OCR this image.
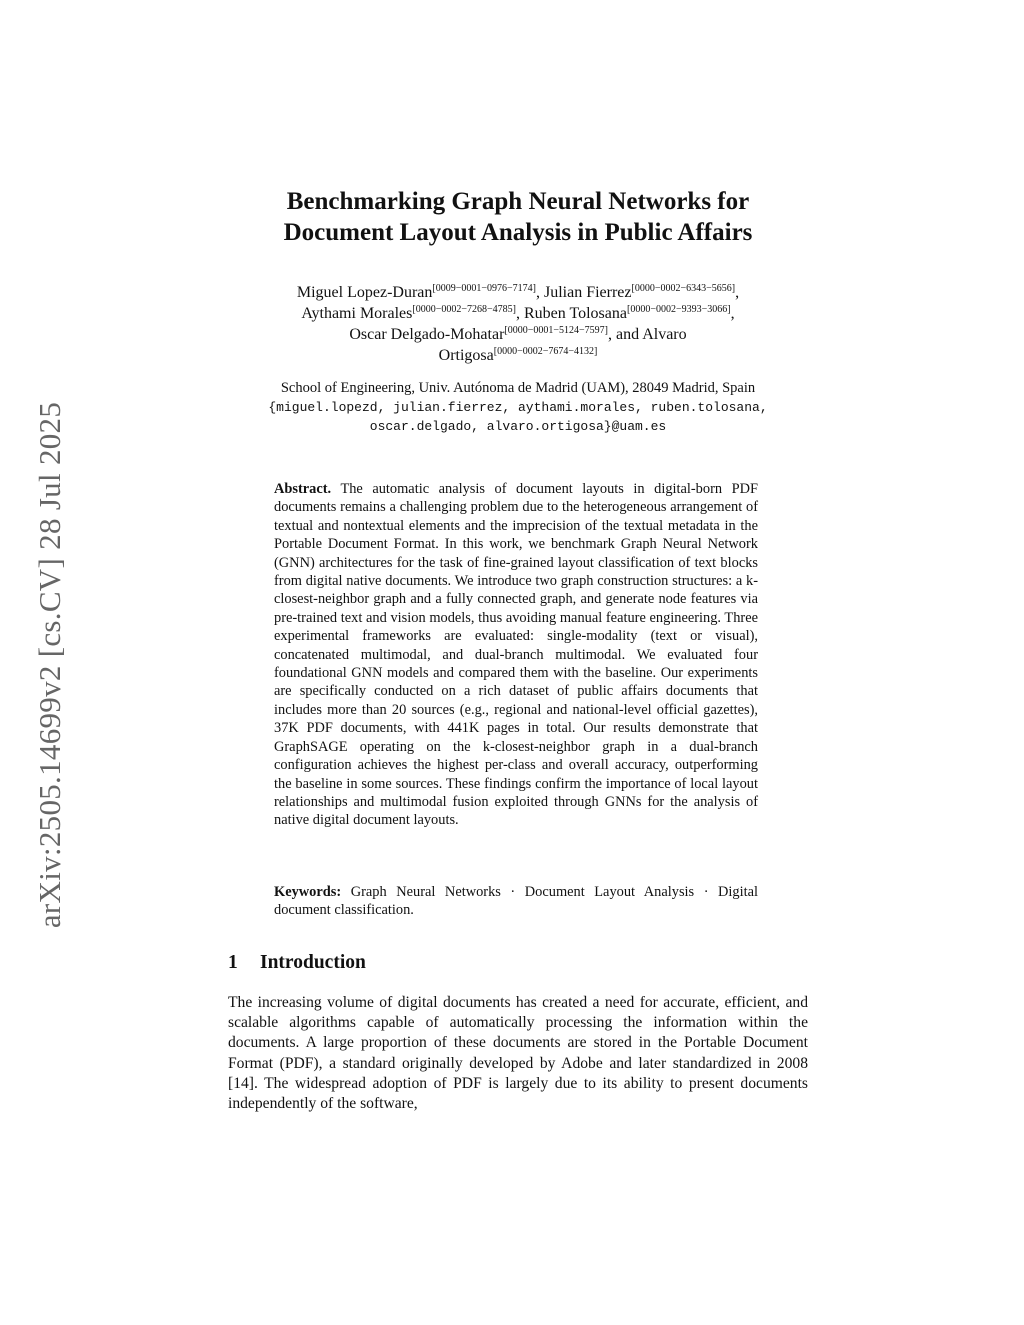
arXiv:2505.14699v2 [cs.CV] 28 Jul 2025
Benchmarking Graph Neural Networks for
Document Layout Analysis in Public Affairs
Miguel Lopez-Duran[0009−0001−0976−7174], Julian Fierrez[0000−0002−6343−5656],
Aythami Morales[0000−0002−7268−4785], Ruben Tolosana[0000−0002−9393−3066],
Oscar Delgado-Mohatar[0000−0001−5124−7597], and Alvaro
Ortigosa[0000−0002−7674−4132]
School of Engineering, Univ. Autónoma de Madrid (UAM), 28049 Madrid, Spain
{miguel.lopezd, julian.fierrez, aythami.morales, ruben.tolosana,
oscar.delgado, alvaro.ortigosa}@uam.es
Abstract. The automatic analysis of document layouts in digital-born PDF documents remains a challenging problem due to the heterogeneous arrangement of textual and nontextual elements and the imprecision of the textual metadata in the Portable Document Format. In this work, we benchmark Graph Neural Network (GNN) architectures for the task of fine-grained layout classification of text blocks from digital native documents. We introduce two graph construction structures: a k-closest-neighbor graph and a fully connected graph, and generate node features via pre-trained text and vision models, thus avoiding manual feature engineering. Three experimental frameworks are evaluated: single-modality (text or visual), concatenated multimodal, and dual-branch multimodal. We evaluated four foundational GNN models and compared them with the baseline. Our experiments are specifically conducted on a rich dataset of public affairs documents that includes more than 20 sources (e.g., regional and national-level official gazettes), 37K PDF documents, with 441K pages in total. Our results demonstrate that GraphSAGE operating on the k-closest-neighbor graph in a dual-branch configuration achieves the highest per-class and overall accuracy, outperforming the baseline in some sources. These findings confirm the importance of local layout relationships and multimodal fusion exploited through GNNs for the analysis of native digital document layouts.
Keywords: Graph Neural Networks · Document Layout Analysis · Digital document classification.
1 Introduction
The increasing volume of digital documents has created a need for accurate, efficient, and scalable algorithms capable of automatically processing the information within the documents. A large proportion of these documents are stored in the Portable Document Format (PDF), a standard originally developed by Adobe and later standardized in 2008 [14]. The widespread adoption of PDF is largely due to its ability to present documents independently of the software,
